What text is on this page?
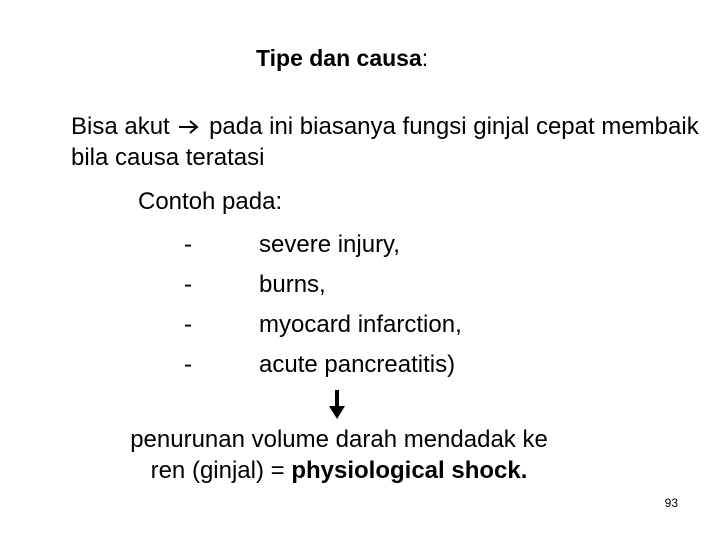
Tipe dan causa:
Bisa akut pada ini biasanya fungsi ginjal cepat membaik bila causa teratasi
Contoh pada:
-	severe injury,
-	burns,
-	myocard infarction,
-	acute pancreatitis)
penurunan volume darah mendadak ke ren (ginjal) = physiological shock.
93
